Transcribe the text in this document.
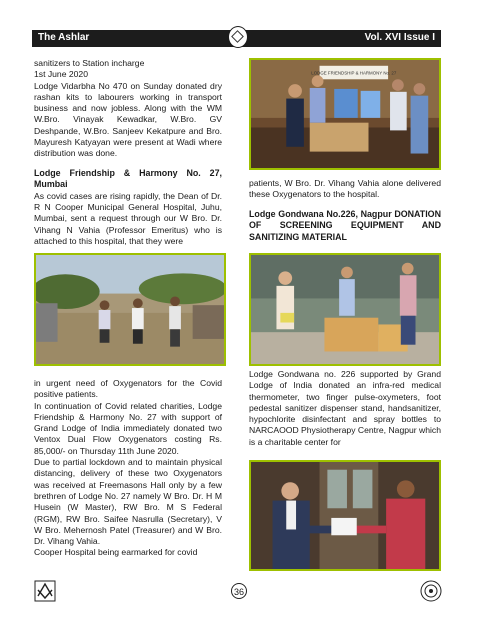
The Ashlar	Vol. XVI Issue I

sanitizers to Station incharge

1st June 2020

Lodge Vidarbha No 470 on Sunday donated dry rashan kits to labourers working in transport business and now jobless. Along with the WM W.Bro. Vinayak Kewadkar, W.Bro. GV Deshpande, W.Bro. Sanjeev Kekatpure and Bro. Mayuresh Katyayan were present at Wadi where distribution was done.

Lodge Friendship & Harmony No. 27, Mumbai

As covid cases are rising rapidly, the Dean of Dr. R N Cooper Municipal General Hospital, Juhu, Mumbai, sent a request through our W Bro. Dr. Vihang N Vahia (Professor Emeritus) who is attached to this hospital, that they were

patients, W Bro. Dr. Vihang Vahia alone delivered these Oxygenators to the hospital.

Lodge Gondwana No.226, Nagpur DONATION OF SCREENING EQUIPMENT AND SANITIZING MATERIAL

Lodge Gondwana no. 226 supported by Grand Lodge of India donated an infra-red medical thermometer, two finger pulse-oxymeters, foot pedestal sanitizer dispenser stand, handsanitizer, hypochlorite disinfectant and spray bottles to NARCAOOD Physiotherapy Centre, Nagpur which is a charitable center for

in urgent need of Oxygenators for the Covid positive patients.

In continuation of Covid related charities, Lodge Friendship & Harmony No. 27 with support of Grand Lodge of India immediately donated two Ventox Dual Flow Oxygenators costing Rs. 85,000/- on Thursday 11th June 2020.

Due to partial lockdown and to maintain physical distancing, delivery of these two Oxygenators was received at Freemasons Hall only by a few brethren of Lodge No. 27 namely W Bro. Dr. H M Husein (W Master), RW Bro. M S Federal (RGM), RW Bro. Saifee Nasrulla (Secretary), V W Bro. Mehernosh Patel (Treasurer) and W Bro. Dr. Vihang Vahia.

Cooper Hospital being earmarked for covid

LODGE FRIENDSHIP & HARMONY No. 27
36
